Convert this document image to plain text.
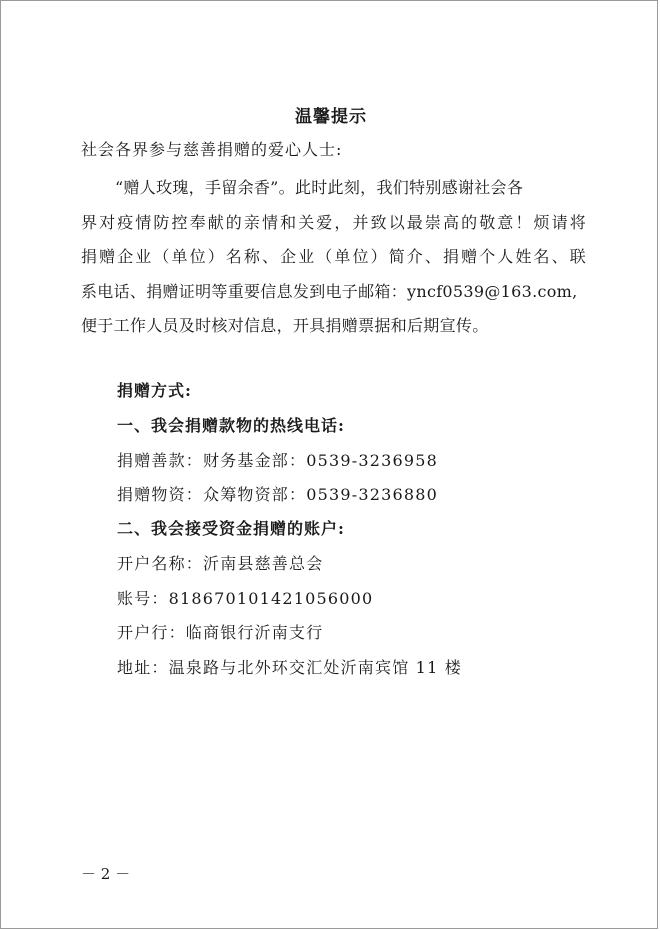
温馨提示
社会各界参与慈善捐赠的爱心人士:
“赠人玫瑰，手留余香”。此时此刻，我们特别感谢社会各
界对疫情防控奉献的亲情和关爱，并致以最崇高的敬意！烦请将
捐赠企业（单位）名称、企业（单位）简介、捐赠个人姓名、联
系电话、捐赠证明等重要信息发到电子邮箱：yncf0539@163.com,
便于工作人员及时核对信息，开具捐赠票据和后期宣传。
捐赠方式:
一、我会捐赠款物的热线电话:
捐赠善款：财务基金部：0539-3236958
捐赠物资：众筹物资部：0539-3236880
二、我会接受资金捐赠的账户:
开户名称：沂南县慈善总会
账号：81867010142105600​0
开户行：临商银行沂南支行
地址：温泉路与北外环交汇处沂南宾馆 11 楼
－ 2 －
